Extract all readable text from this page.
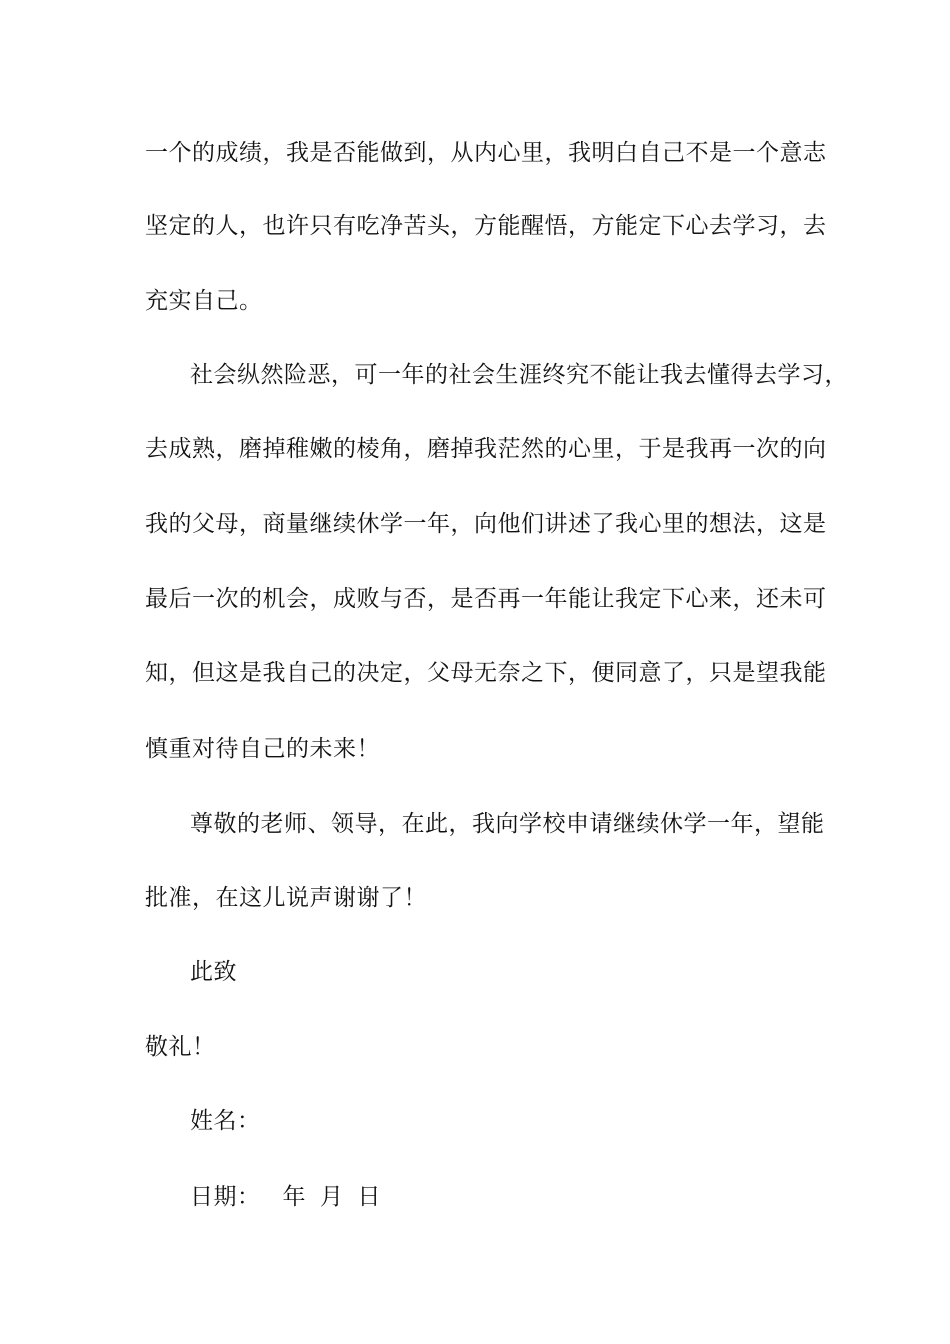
一个的成绩，我是否能做到，从内心里，我明白自己不是一个意志
坚定的人，也许只有吃净苦头，方能醒悟，方能定下心去学习，去
充实自己。
社会纵然险恶，可一年的社会生涯终究不能让我去懂得去学习，
去成熟，磨掉稚嫩的棱角，磨掉我茫然的心里，于是我再一次的向
我的父母，商量继续休学一年，向他们讲述了我心里的想法，这是
最后一次的机会，成败与否，是否再一年能让我定下心来，还未可
知，但这是我自己的决定，父母无奈之下，便同意了，只是望我能
慎重对待自己的未来！
尊敬的老师、领导，在此，我向学校申请继续休学一年，望能
批准，在这儿说声谢谢了！
此致
敬礼！
姓名：
日期： 年 月 日
